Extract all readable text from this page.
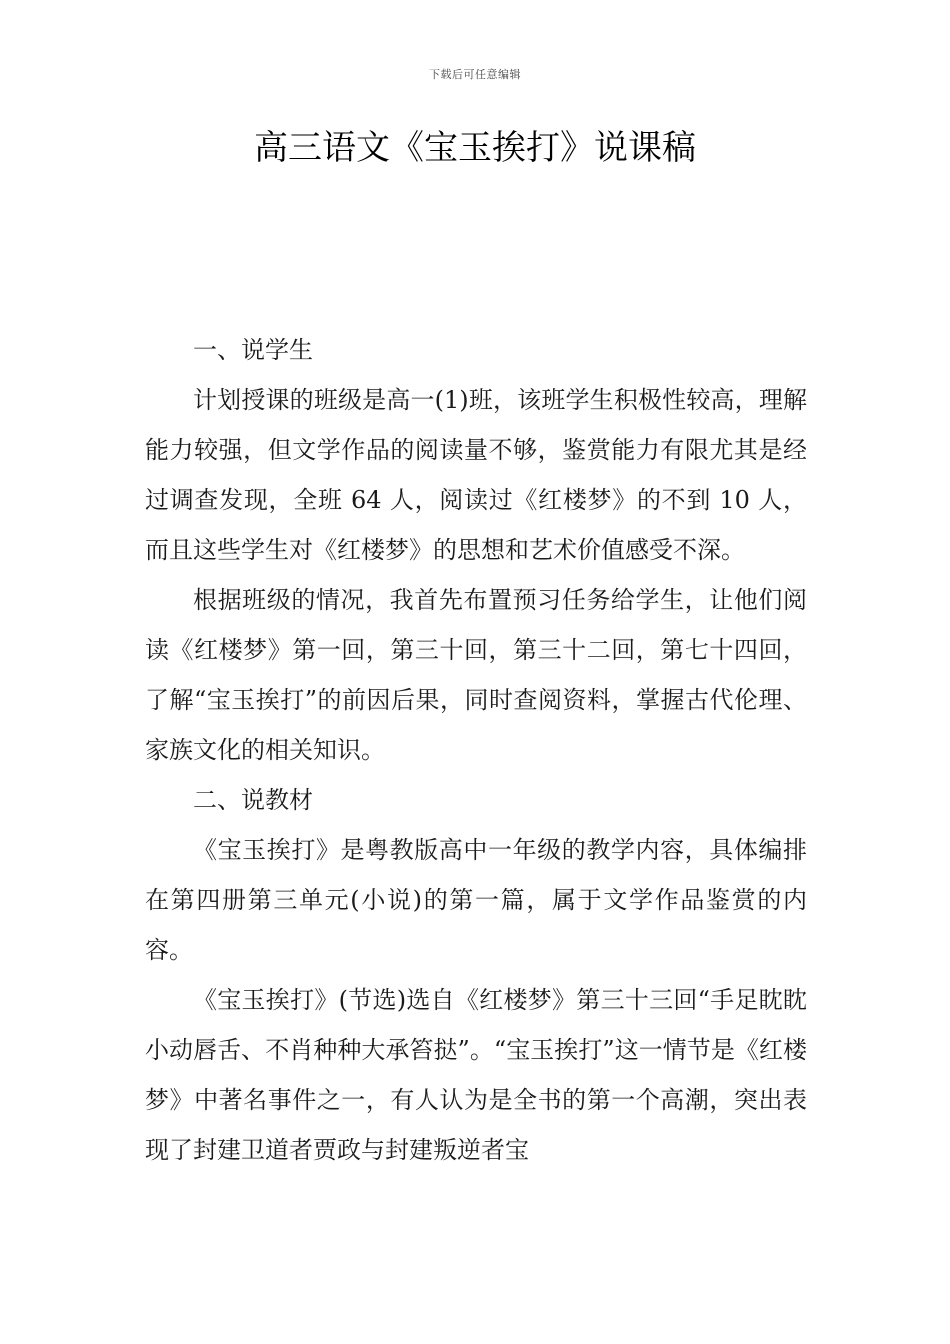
下载后可任意编辑
高三语文《宝玉挨打》说课稿
一、说学生

计划授课的班级是高一(1)班，该班学生积极性较高，理解能力较强，但文学作品的阅读量不够，鉴赏能力有限尤其是经过调查发现，全班 64 人，阅读过《红楼梦》的不到 10 人，而且这些学生对《红楼梦》的思想和艺术价值感受不深。

根据班级的情况，我首先布置预习任务给学生，让他们阅读《红楼梦》第一回，第三十回，第三十二回，第七十四回，了解“宝玉挨打”的前因后果，同时查阅资料，掌握古代伦理、家族文化的相关知识。

二、说教材

《宝玉挨打》是粤教版高中一年级的教学内容，具体编排在第四册第三单元(小说)的第一篇，属于文学作品鉴赏的内容。

《宝玉挨打》(节选)选自《红楼梦》第三十三回“手足眈眈小动唇舌、不肖种种大承笞挞”。“宝玉挨打”这一情节是《红楼梦》中著名事件之一，有人认为是全书的第一个高潮，突出表现了封建卫道者贾政与封建叛逆者宝
